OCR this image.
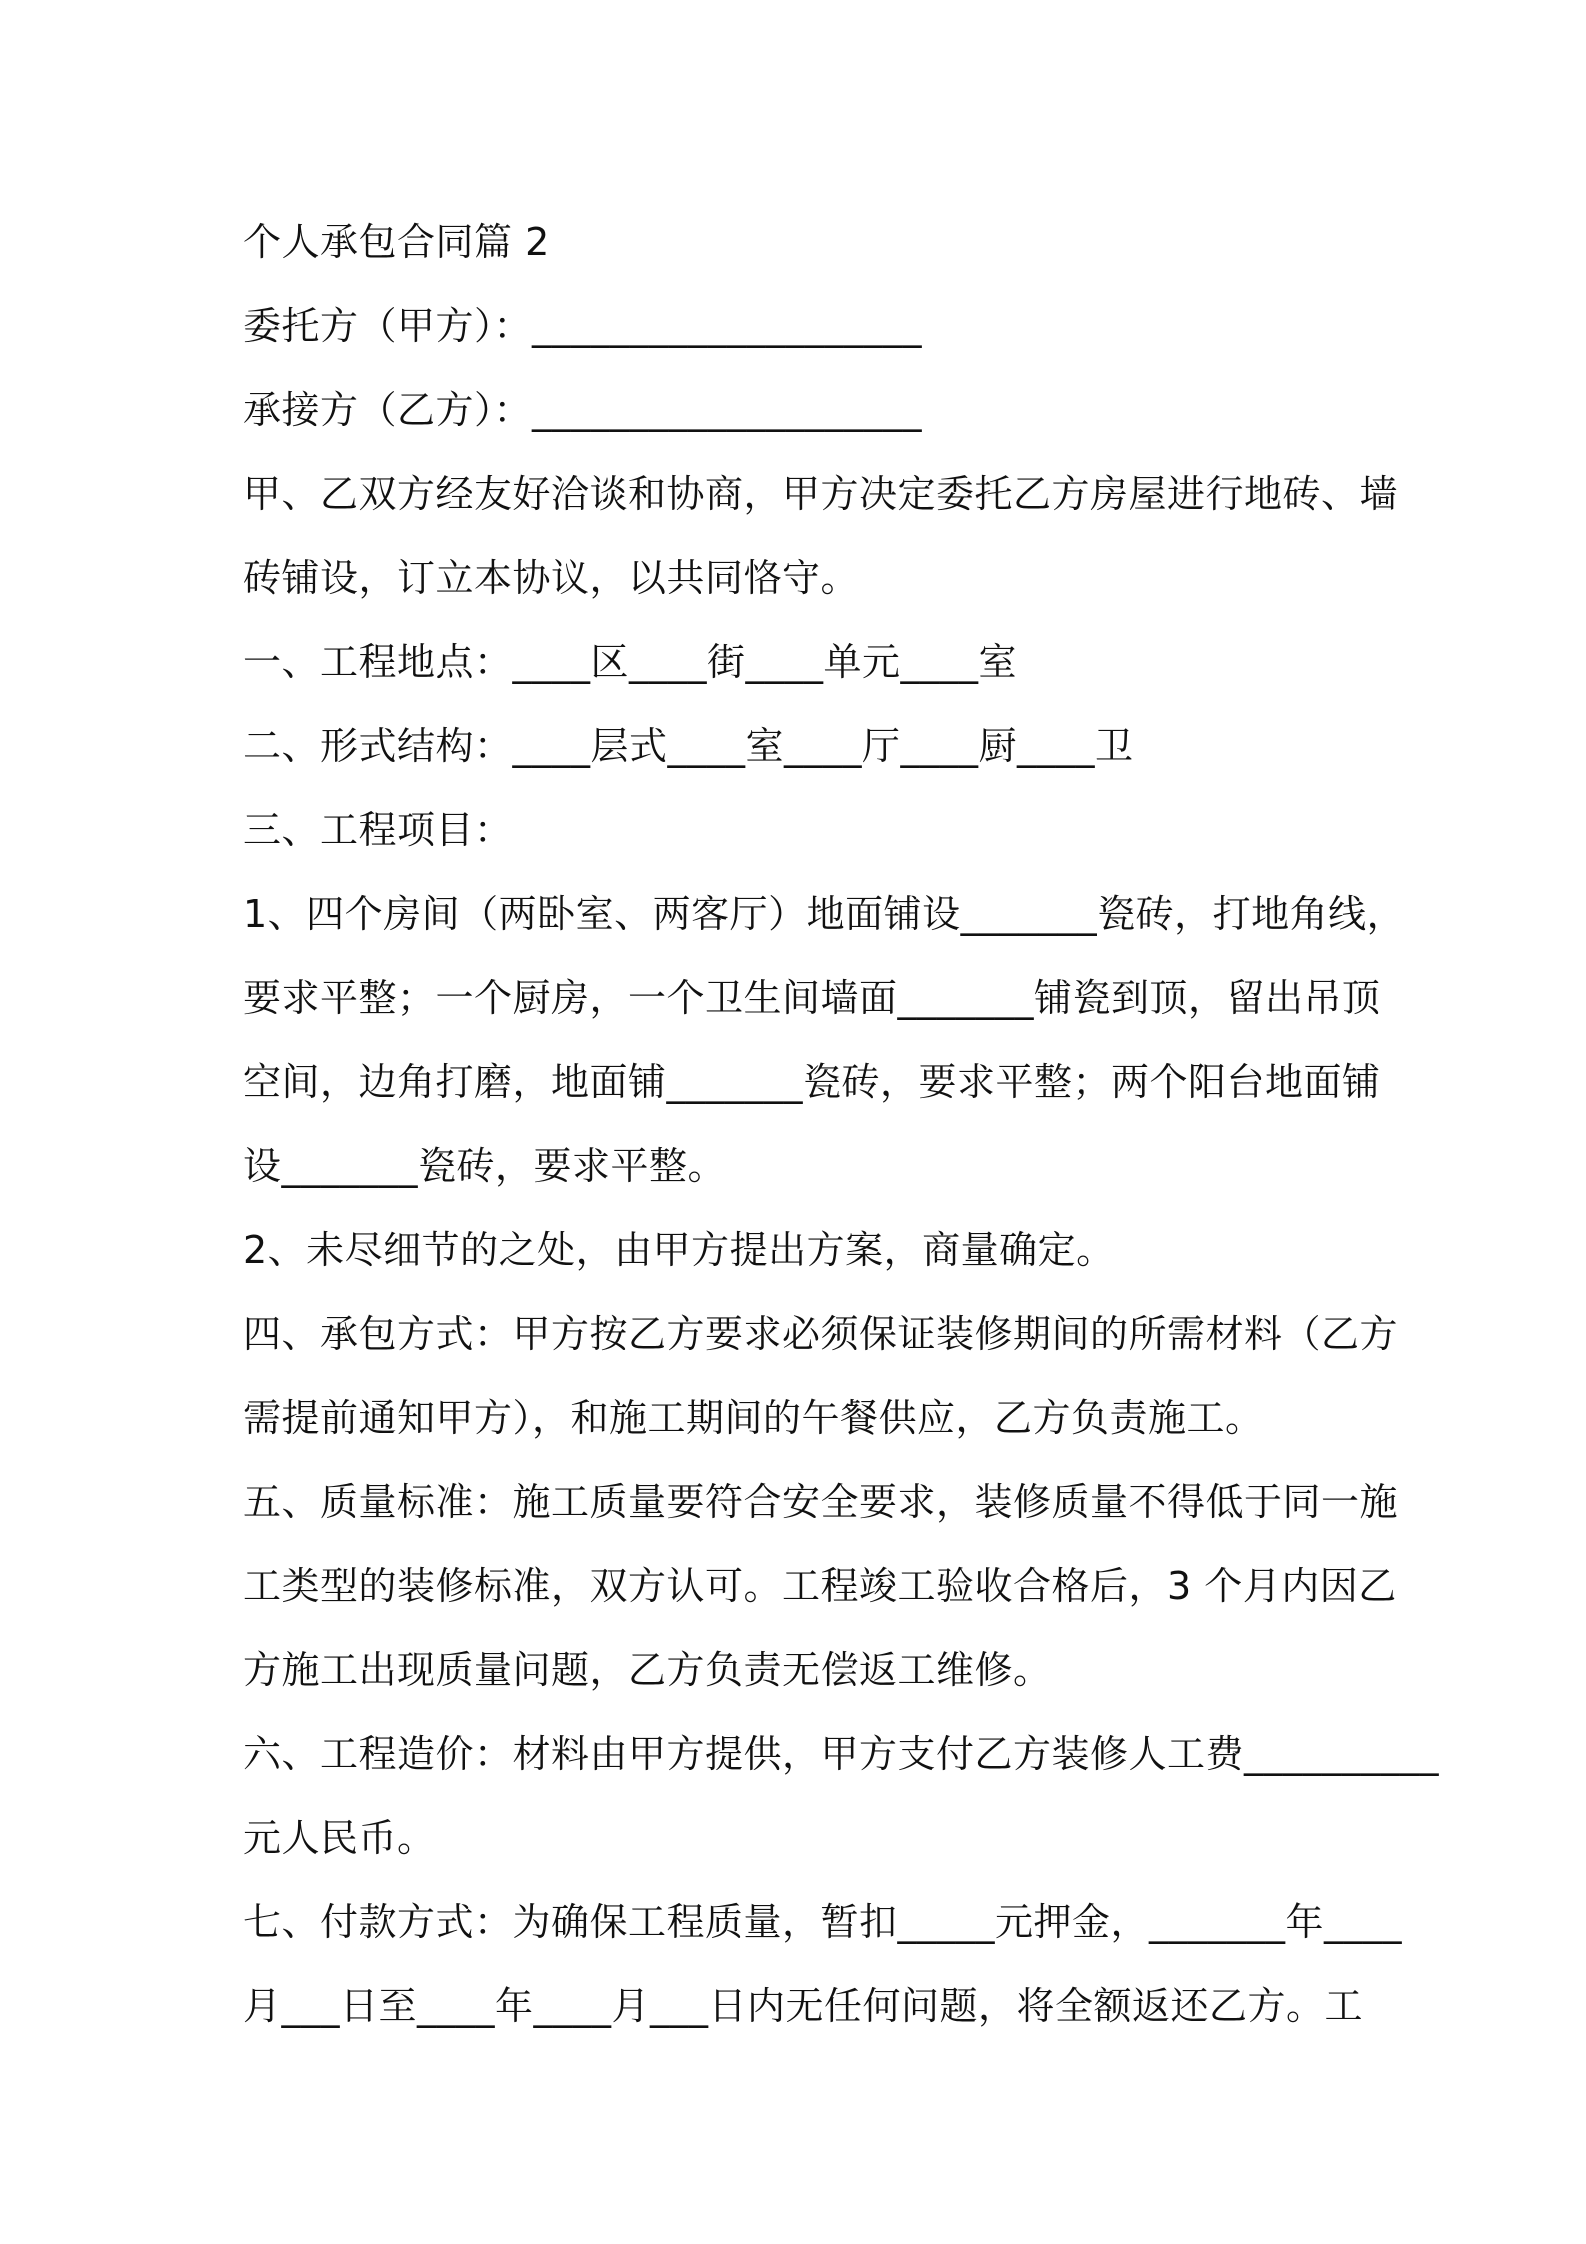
个人承包合同篇 2
委托方（甲方）：____________________
承接方（乙方）：____________________
甲、乙双方经友好洽谈和协商，甲方决定委托乙方房屋进行地砖、墙
砖铺设，订立本协议，以共同恪守。
一、工程地点：____区____街____单元____室
二、形式结构：____层式____室____厅____厨____卫
三、工程项目：
1、四个房间（两卧室、两客厅）地面铺设_______瓷砖，打地角线，
要求平整；一个厨房，一个卫生间墙面_______铺瓷到顶，留出吊顶
空间，边角打磨，地面铺_______瓷砖，要求平整；两个阳台地面铺
设_______瓷砖，要求平整。
2、未尽细节的之处，由甲方提出方案，商量确定。
四、承包方式：甲方按乙方要求必须保证装修期间的所需材料（乙方
需提前通知甲方），和施工期间的午餐供应，乙方负责施工。
五、质量标准：施工质量要符合安全要求，装修质量不得低于同一施
工类型的装修标准，双方认可。工程竣工验收合格后，3 个月内因乙
方施工出现质量问题，乙方负责无偿返工维修。
六、工程造价：材料由甲方提供，甲方支付乙方装修人工费__________
元人民币。
七、付款方式：为确保工程质量，暂扣_____元押金，_______年____
月___日至____年____月___日内无任何问题，将全额返还乙方。工
